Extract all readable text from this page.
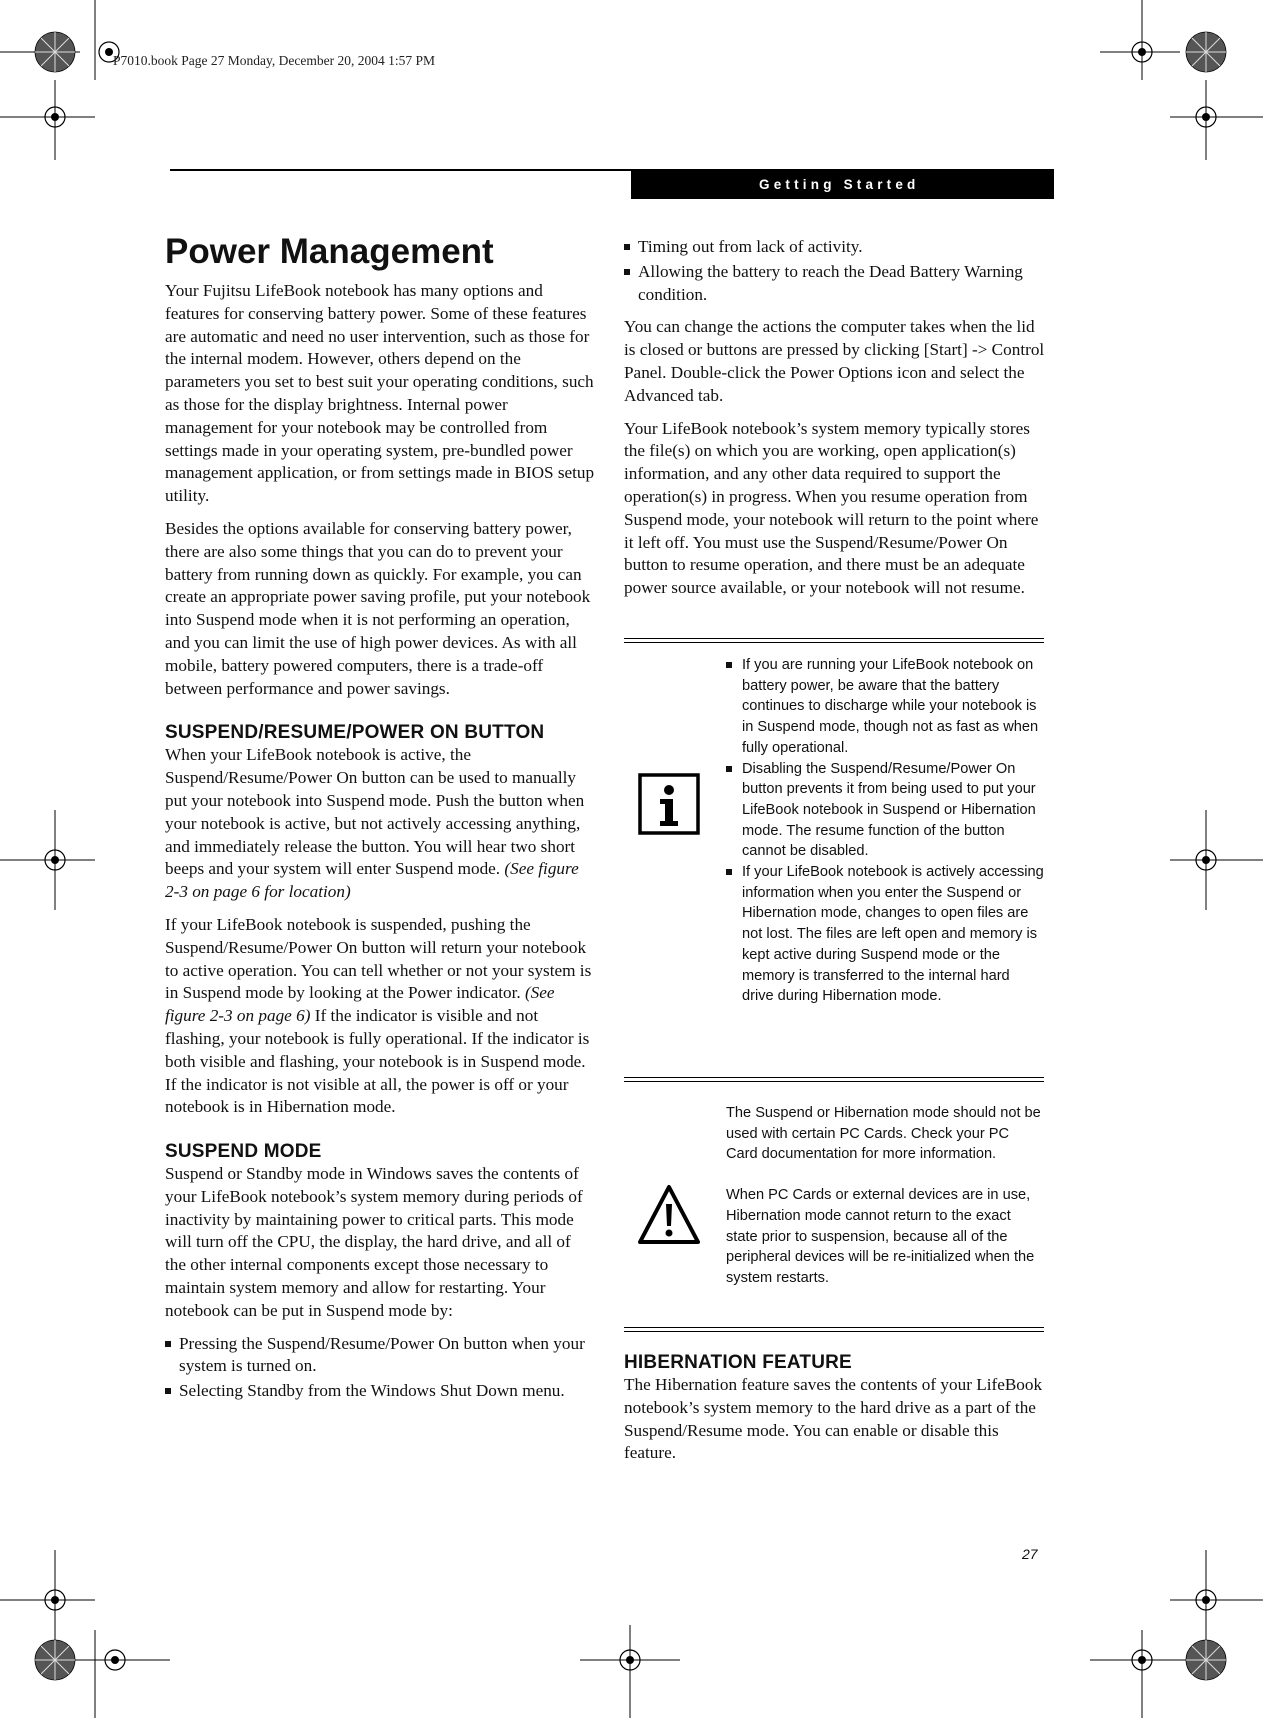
P7010.book Page 27 Monday, December 20, 2004 1:57 PM
Getting Started
Power Management

Your Fujitsu LifeBook notebook has many options and features for conserving battery power. Some of these features are automatic and need no user intervention, such as those for the internal modem. However, others depend on the parameters you set to best suit your operating conditions, such as those for the display brightness. Internal power management for your notebook may be controlled from settings made in your operating system, pre-bundled power management application, or from settings made in BIOS setup utility.

Besides the options available for conserving battery power, there are also some things that you can do to prevent your battery from running down as quickly. For example, you can create an appropriate power saving profile, put your notebook into Suspend mode when it is not performing an operation, and you can limit the use of high power devices. As with all mobile, battery powered computers, there is a trade-off between performance and power savings.

SUSPEND/RESUME/POWER ON BUTTON

When your LifeBook notebook is active, the Suspend/Resume/Power On button can be used to manually put your notebook into Suspend mode. Push the button when your notebook is active, but not actively accessing anything, and immediately release the button. You will hear two short beeps and your system will enter Suspend mode. (See figure 2-3 on page 6 for location)

If your LifeBook notebook is suspended, pushing the Suspend/Resume/Power On button will return your notebook to active operation. You can tell whether or not your system is in Suspend mode by looking at the Power indicator. (See figure 2-3 on page 6) If the indicator is visible and not flashing, your notebook is fully operational. If the indicator is both visible and flashing, your notebook is in Suspend mode. If the indicator is not visible at all, the power is off or your notebook is in Hibernation mode.

SUSPEND MODE

Suspend or Standby mode in Windows saves the contents of your LifeBook notebook’s system memory during periods of inactivity by maintaining power to critical parts. This mode will turn off the CPU, the display, the hard drive, and all of the other internal components except those necessary to maintain system memory and allow for restarting. Your notebook can be put in Suspend mode by:

Pressing the Suspend/Resume/Power On button when your system is turned on.
Selecting Standby from the Windows Shut Down menu.
Timing out from lack of activity.
Allowing the battery to reach the Dead Battery Warning condition.

You can change the actions the computer takes when the lid is closed or buttons are pressed by clicking [Start] -> Control Panel. Double-click the Power Options icon and select the Advanced tab.

Your LifeBook notebook’s system memory typically stores the file(s) on which you are working, open application(s) information, and any other data required to support the operation(s) in progress. When you resume operation from Suspend mode, your notebook will return to the point where it left off. You must use the Suspend/Resume/Power On button to resume operation, and there must be an adequate power source available, or your notebook will not resume.

If you are running your LifeBook notebook on battery power, be aware that the battery continues to discharge while your notebook is in Suspend mode, though not as fast as when fully operational.
Disabling the Suspend/Resume/Power On button prevents it from being used to put your LifeBook notebook in Suspend or Hibernation mode. The resume function of the button cannot be disabled.
If your LifeBook notebook is actively accessing information when you enter the Suspend or Hibernation mode, changes to open files are not lost. The files are left open and memory is kept active during Suspend mode or the memory is transferred to the internal hard drive during Hibernation mode.

The Suspend or Hibernation mode should not be used with certain PC Cards. Check your PC Card documentation for more information.

When PC Cards or external devices are in use, Hibernation mode cannot return to the exact state prior to suspension, because all of the peripheral devices will be re-initialized when the system restarts.

HIBERNATION FEATURE

The Hibernation feature saves the contents of your LifeBook notebook’s system memory to the hard drive as a part of the Suspend/Resume mode. You can enable or disable this feature.

27
